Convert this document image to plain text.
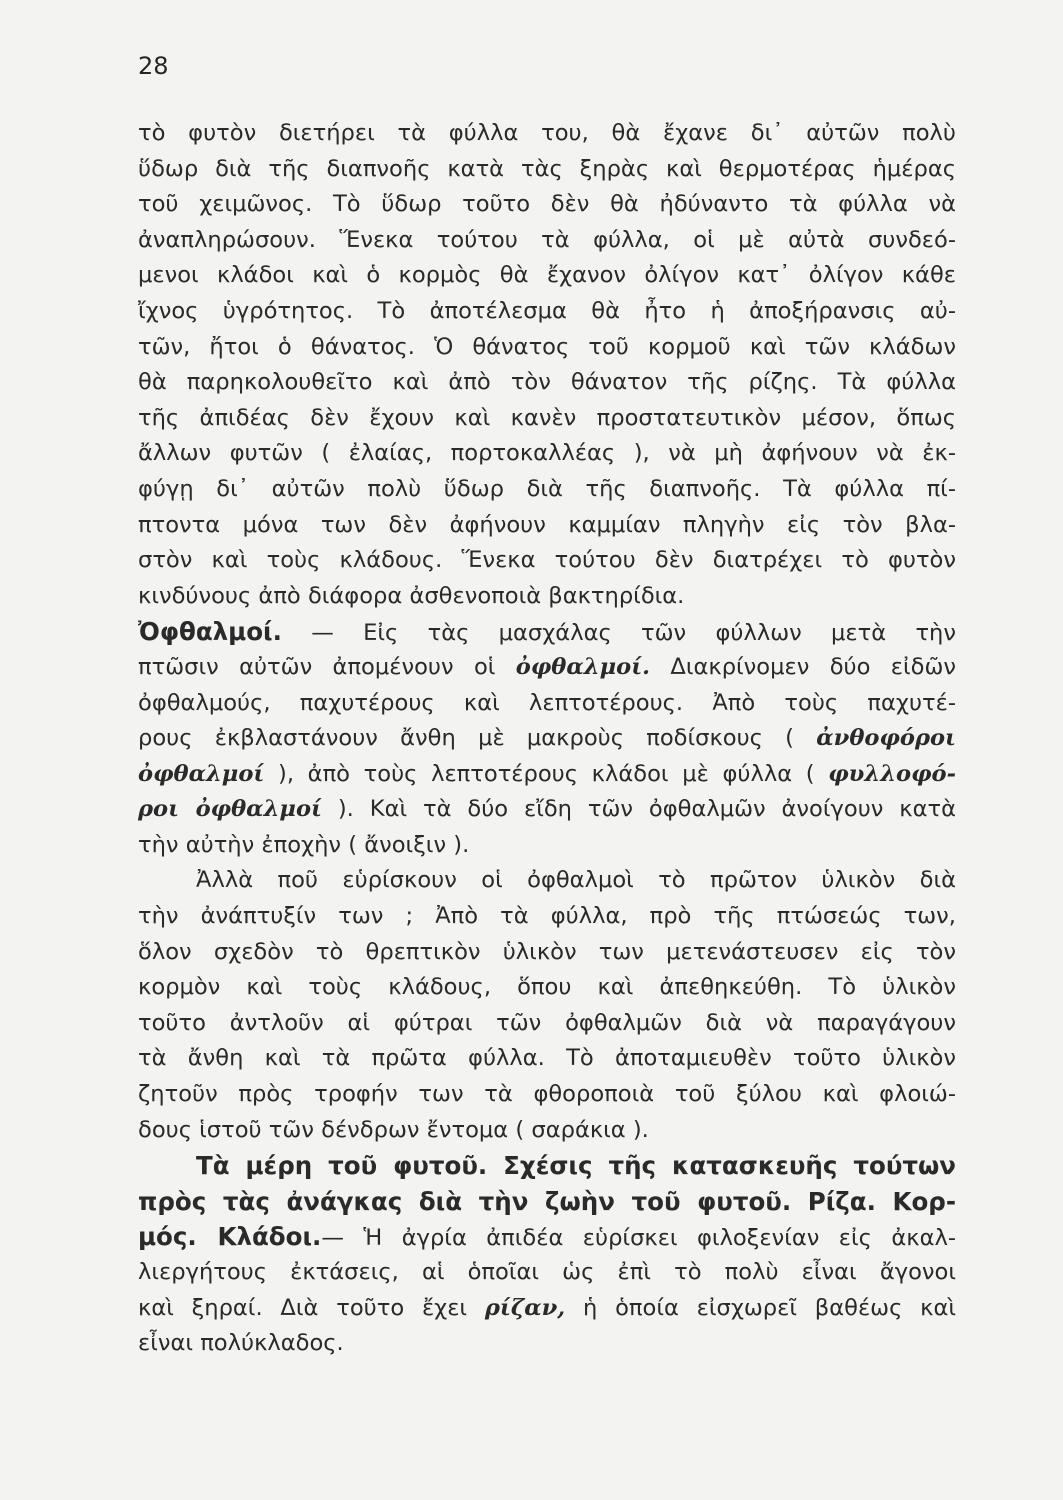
28
τὸ φυτὸν διετήρει τὰ φύλλα του, θὰ ἔχανε δι᾽ αὐτῶν πολὺ
ὕδωρ διὰ τῆς διαπνοῆς κατὰ τὰς ξηρὰς καὶ θερμοτέρας ἡμέρας
τοῦ χειμῶνος. Τὸ ὕδωρ τοῦτο δὲν θὰ ἠδύναντο τὰ φύλλα νὰ
ἀναπληρώσουν. Ἕνεκα τούτου τὰ φύλλα, οἱ μὲ αὐτὰ συνδεό-
μενοι κλάδοι καὶ ὁ κορμὸς θὰ ἔχανον ὀλίγον κατ᾽ ὀλίγον κάθε
ἴχνος ὑγρότητος. Τὸ ἀποτέλεσμα θὰ ἦτο ἡ ἀποξήρανσις αὐ-
τῶν, ἤτοι ὁ θάνατος. Ὁ θάνατος τοῦ κορμοῦ καὶ τῶν κλάδων
θὰ παρηκολουθεῖτο καὶ ἀπὸ τὸν θάνατον τῆς ρίζης. Τὰ φύλλα
τῆς ἀπιδέας δὲν ἔχουν καὶ κανὲν προστατευτικὸν μέσον, ὅπως
ἄλλων φυτῶν ( ἐλαίας, πορτοκαλλέας ), νὰ μὴ ἀφήνουν νὰ ἐκ-
φύγῃ δι᾽ αὐτῶν πολὺ ὕδωρ διὰ τῆς διαπνοῆς. Τὰ φύλλα πί-
πτοντα μόνα των δὲν ἀφήνουν καμμίαν πληγὴν εἰς τὸν βλα-
στὸν καὶ τοὺς κλάδους. Ἕνεκα τούτου δὲν διατρέχει τὸ φυτὸν
κινδύνους ἀπὸ διάφορα ἀσθενοποιὰ βακτηρίδια.
Ὀφθαλμοί. — Εἰς τὰς μασχάλας τῶν φύλλων μετὰ τὴν
πτῶσιν αὐτῶν ἀπομένουν οἱ ὀφθαλμοί. Διακρίνομεν δύο εἰδῶν
ὀφθαλμούς, παχυτέρους καὶ λεπτοτέρους. Ἀπὸ τοὺς παχυτέ-
ρους ἐκβλαστάνουν ἄνθη μὲ μακροὺς ποδίσκους ( ἀνθοφόροι
ὀφθαλμοί ), ἀπὸ τοὺς λεπτοτέρους κλάδοι μὲ φύλλα ( φυλλοφό-
ροι ὀφθαλμοί ). Καὶ τὰ δύο εἴδη τῶν ὀφθαλμῶν ἀνοίγουν κατὰ
τὴν αὐτὴν ἐποχὴν ( ἄνοιξιν ).
Ἀλλὰ ποῦ εὑρίσκουν οἱ ὀφθαλμοὶ τὸ πρῶτον ὑλικὸν διὰ
τὴν ἀνάπτυξίν των ; Ἀπὸ τὰ φύλλα, πρὸ τῆς πτώσεώς των,
ὅλον σχεδὸν τὸ θρεπτικὸν ὑλικὸν των μετενάστευσεν εἰς τὸν
κορμὸν καὶ τοὺς κλάδους, ὅπου καὶ ἀπεθηκεύθη. Τὸ ὑλικὸν
τοῦτο ἀντλοῦν αἱ φύτραι τῶν ὀφθαλμῶν διὰ νὰ παραγάγουν
τὰ ἄνθη καὶ τὰ πρῶτα φύλλα. Τὸ ἀποταμιευθὲν τοῦτο ὑλικὸν
ζητοῦν πρὸς τροφήν των τὰ φθοροποιὰ τοῦ ξύλου καὶ φλοιώ-
δους ἱστοῦ τῶν δένδρων ἔντομα ( σαράκια ).
Τὰ μέρη τοῦ φυτοῦ. Σχέσις τῆς κατασκευῆς τούτων
πρὸς τὰς ἀνάγκας διὰ τὴν ζωὴν τοῦ φυτοῦ. Ρίζα. Κορ-
μός. Κλάδοι.— Ἡ ἀγρία ἀπιδέα εὑρίσκει φιλοξενίαν εἰς ἀκαλ-
λιεργήτους ἐκτάσεις, αἱ ὁποῖαι ὡς ἐπὶ τὸ πολὺ εἶναι ἄγονοι
καὶ ξηραί. Διὰ τοῦτο ἔχει ρίζαν, ἡ ὁποία εἰσχωρεῖ βαθέως καὶ
εἶναι πολύκλαδος.
